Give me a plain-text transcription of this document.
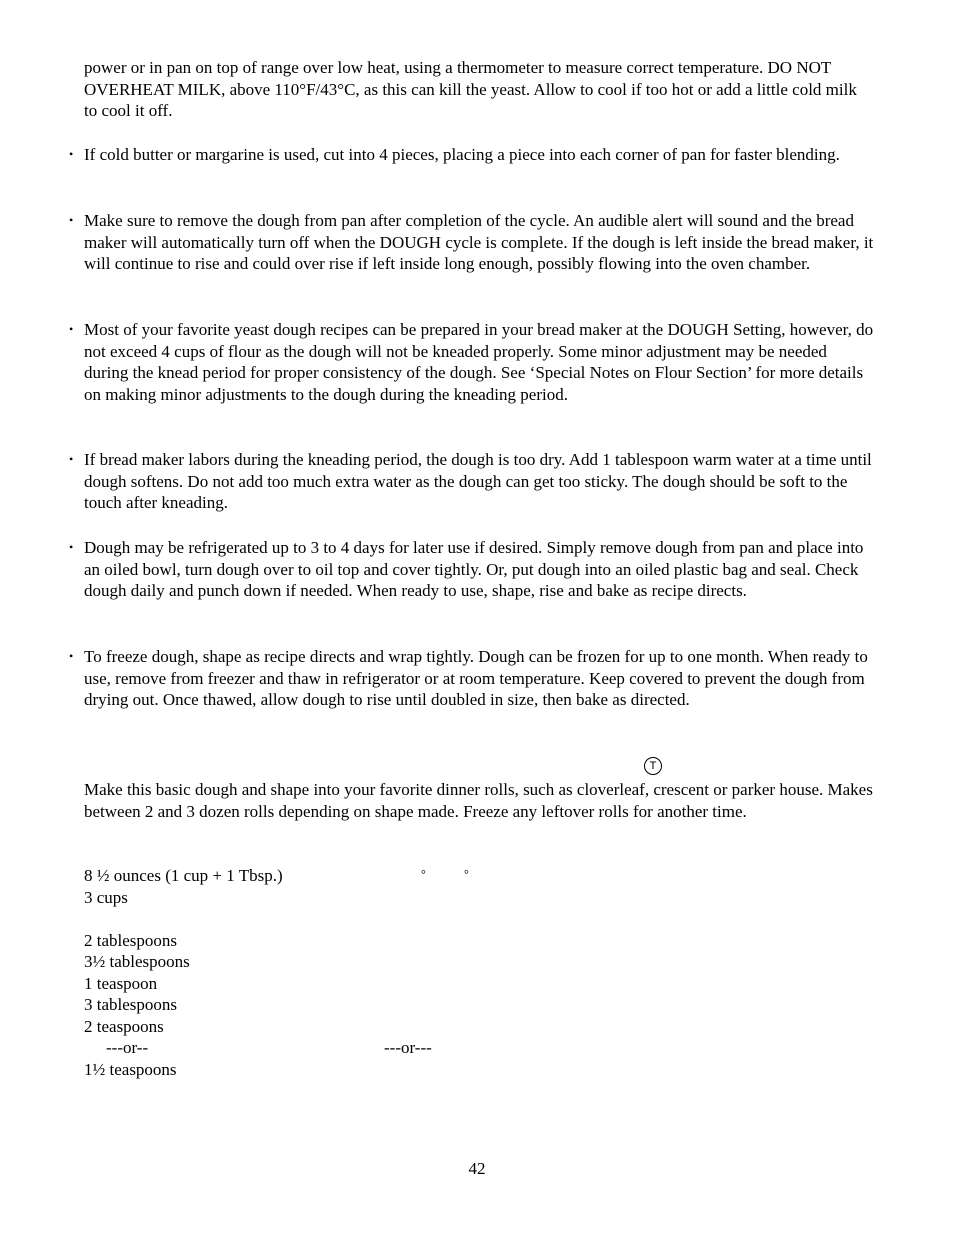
power or in pan on top of range over low heat, using a thermometer to measure correct temperature. DO NOT OVERHEAT MILK, above 110°F/43°C, as this can kill the yeast. Allow to cool if too hot or add a little cold milk to cool it off.
• If cold butter or margarine is used, cut into 4 pieces, placing a piece into each corner of pan for faster blending.
• Make sure to remove the dough from pan after completion of the cycle. An audible alert will sound and the bread maker will automatically turn off when the DOUGH cycle is complete. If the dough is left inside the bread maker, it will continue to rise and could over rise if left inside long enough, possibly flowing into the oven chamber.
• Most of your favorite yeast dough recipes can be prepared in your bread maker at the DOUGH Setting, however, do not exceed 4 cups of flour as the dough will not be kneaded properly. Some minor adjustment may be needed during the knead period for proper consistency of the dough. See ‘Special Notes on Flour Section’ for more details on making minor adjustments to the dough during the kneading period.
• If bread maker labors during the kneading period, the dough is too dry. Add 1 tablespoon warm water at a time until dough softens. Do not add too much extra water as the dough can get too sticky. The dough should be soft to the touch after kneading.
• Dough may be refrigerated up to 3 to 4 days for later use if desired. Simply remove dough from pan and place into an oiled bowl, turn dough over to oil top and cover tightly. Or, put dough into an oiled plastic bag and seal. Check dough daily and punch down if needed. When ready to use, shape, rise and bake as recipe directs.
• To freeze dough, shape as recipe directs and wrap tightly. Dough can be frozen for up to one month. When ready to use, remove from freezer and thaw in refrigerator or at room temperature. Keep covered to prevent the dough from drying out. Once thawed, allow dough to rise until doubled in size, then bake as directed.
T
Make this basic dough and shape into your favorite dinner rolls, such as cloverleaf, crescent or parker house. Makes between 2 and 3 dozen rolls depending on shape made. Freeze any leftover rolls for another time.
°	°
8 ½ ounces (1 cup + 1 Tbsp.)
3 cups
2 tablespoons
3½ tablespoons
1 teaspoon
3 tablespoons
2 teaspoons
---or--	---or---
1½ teaspoons
42
